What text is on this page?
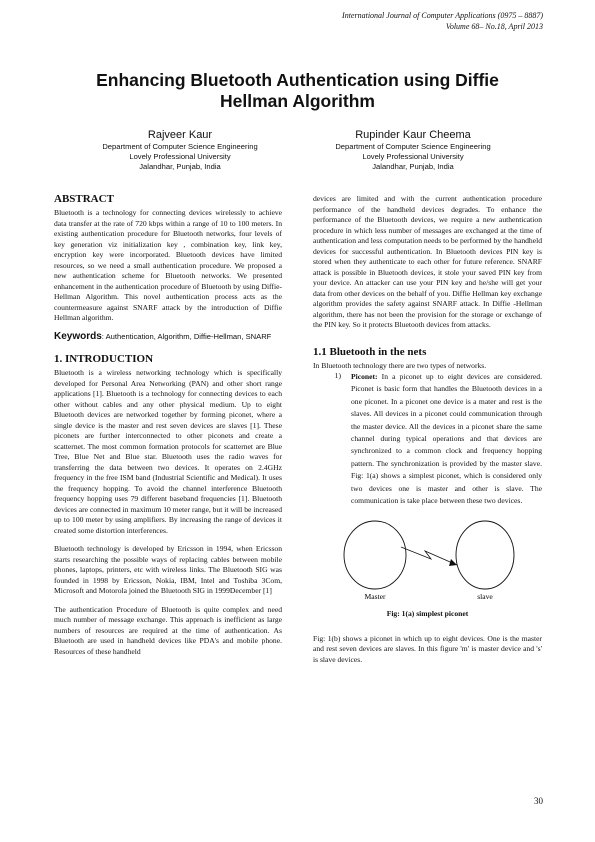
International Journal of Computer Applications (0975 – 8887)
Volume 68– No.18, April 2013
Enhancing Bluetooth Authentication using Diffie Hellman Algorithm
Rajveer Kaur
Department of Computer Science Engineering
Lovely Professional University
Jalandhar, Punjab, India
Rupinder Kaur Cheema
Department of Computer Science Engineering
Lovely Professional University
Jalandhar, Punjab, India
ABSTRACT

Bluetooth is a technology for connecting devices wirelessly to achieve data transfer at the rate of 720 kbps within a range of 10 to 100 meters. In existing authentication procedure for Bluetooth networks, four levels of key generation viz initialization key , combination key, link key, encryption key were incorporated. Bluetooth devices have limited resources, so we need a small authentication procedure. We proposed a new authentication scheme for Bluetooth networks. We presented enhancement in the authentication procedure of Bluetooth by using Diffie-Hellman Algorithm. This novel authentication process acts as the countermeasure against SNARF attack by the introduction of Diffie Hellman algorithm.

Keywords: Authentication, Algorithm, Diffie-Hellman, SNARF
1. INTRODUCTION

Bluetooth is a wireless networking technology which is specifically developed for Personal Area Networking (PAN) and other short range applications [1]. Bluetooth is a technology for connecting devices to each other without cables and any other physical medium. Up to eight Bluetooth devices are networked together by forming piconet, where a single device is the master and rest seven devices are slaves [1]. These piconets are further interconnected to other piconets and create a scatternet. The most common formation protocols for scatternet are Blue Tree, Blue Net and Blue star. Bluetooth uses the radio waves for transferring the data between two devices. It operates on 2.4GHz frequency in the free ISM band (Industrial Scientific and Medical). It uses the frequency hopping. To avoid the channel interference Bluetooth frequency hopping uses 79 different baseband frequencies [1]. Bluetooth devices are connected in maximum 10 meter range, but it will be increased up to 100 meter by using amplifiers. By increasing the range of devices it created some distortion interferences.

Bluetooth technology is developed by Ericsson in 1994, when Ericsson starts researching the possible ways of replacing cables between mobile phones, laptops, printers, etc with wireless links. The Bluetooth SIG was founded in 1998 by Ericsson, Nokia, IBM, Intel and Toshiba 3Com, Microsoft and Motorola joined the Bluetooth SIG in 1999December [1]

The authentication Procedure of Bluetooth is quite complex and need much number of message exchange. This approach is inefficient as large numbers of resources are required at the time of authentication. As Bluetooth are used in handheld devices like PDA's and mobile phone. Resources of these handheld

devices are limited and with the current authentication procedure performance of the handheld devices degrades. To enhance the performance of the Bluetooth devices, we require a new authentication procedure in which less number of messages are exchanged at the time of authentication and less computation needs to be performed by the handheld devices for successful authentication. In Bluetooth devices PIN key is stored when they authenticate to each other for future reference. SNARF attack is possible in Bluetooth devices, it stole your saved PIN key from your device. An attacker can use your PIN key and he/she will get your data from other devices on the behalf of you. Diffie Hellman key exchange algorithm provides the safety against SNARF attack. In Diffie -Hellman algorithm, there has not been the provision for the storage or exchange of the PIN key. So it protects Bluetooth devices from attacks.

1.1 Bluetooth in the nets
In Bluetooth technology there are two types of networks.
1)	Piconet: In a piconet up to eight devices are considered. Piconet is basic form that handles the Bluetooth devices in a one piconet. In a piconet one device is a mater and rest is the slaves. All devices in a piconet could communication through the master device. All the devices in a piconet share the same channel during typical operations and that devices are synchronized to a common clock and frequency hopping pattern. The synchronization is provided by the master slave. Fig: 1(a) shows a simplest piconet, which is considered only two devices one is master and other is slave. The communication is take place between these two devices.
Master	slave
Fig: 1(a) simplest piconet

Fig: 1(b) shows a piconet in which up to eight devices. One is the master and rest seven devices are slaves. In this figure 'm' is master device and 's' is slave devices.

30
